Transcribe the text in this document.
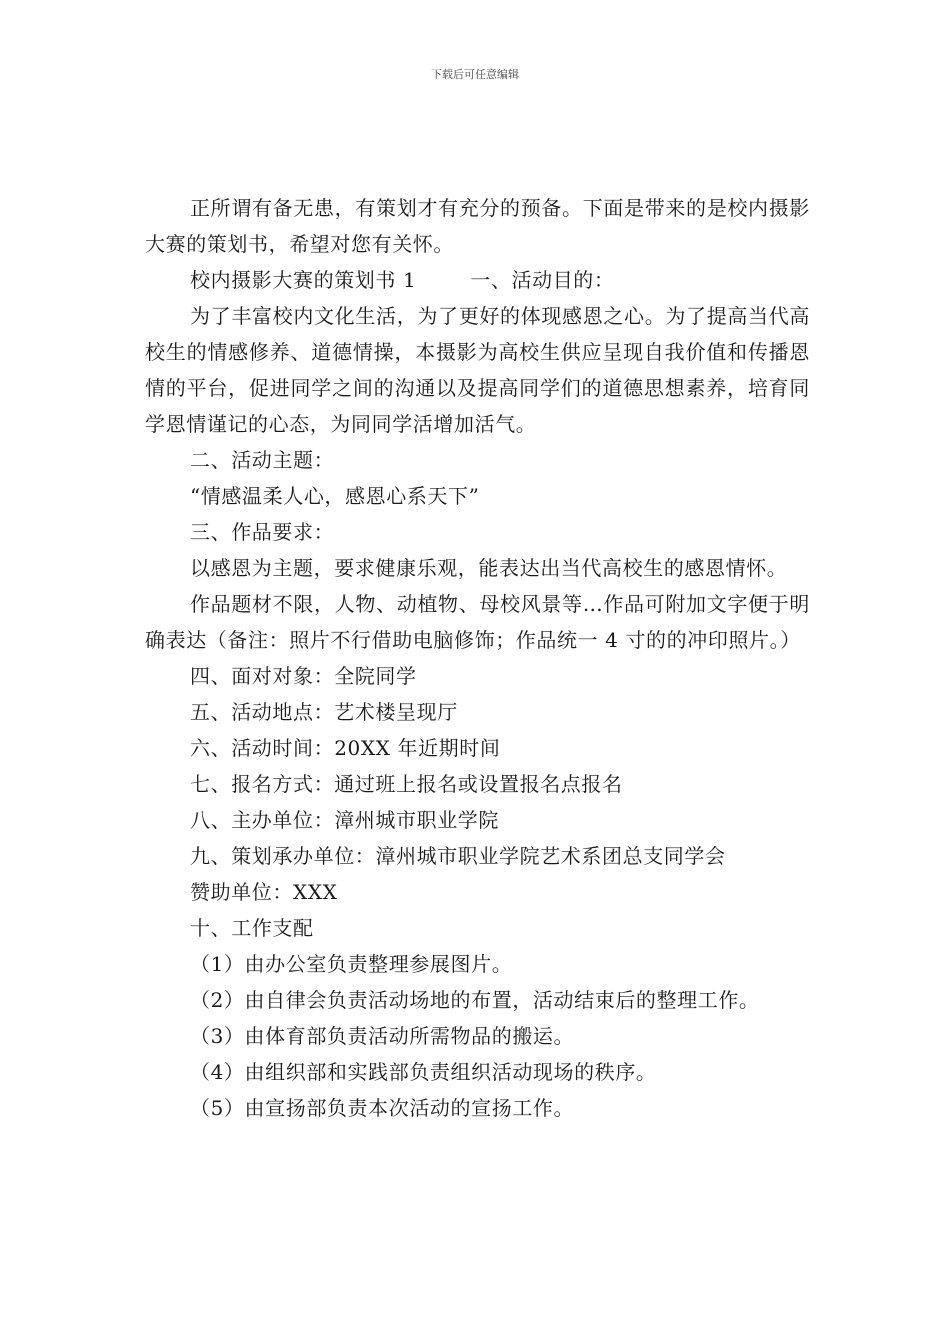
下载后可任意编辑

正所谓有备无患，有策划才有充分的预备。下面是带来的是校内摄影大赛的策划书，希望对您有关怀。

校内摄影大赛的策划书 1	一、活动目的：

为了丰富校内文化生活，为了更好的体现感恩之心。为了提高当代高校生的情感修养、道德情操，本摄影为高校生供应呈现自我价值和传播恩情的平台，促进同学之间的沟通以及提高同学们的道德思想素养，培育同学恩情谨记的心态，为同同学活增加活气。

二、活动主题：

“情感温柔人心，感恩心系天下”

三、作品要求：

以感恩为主题，要求健康乐观，能表达出当代高校生的感恩情怀。

作品题材不限，人物、动植物、母校风景等…作品可附加文字便于明确表达（备注：照片不行借助电脑修饰；作品统一 4 寸的的冲印照片。）

四、面对对象：全院同学

五、活动地点：艺术楼呈现厅

六、活动时间：20XX 年近期时间

七、报名方式：通过班上报名或设置报名点报名

八、主办单位：漳州城市职业学院

九、策划承办单位：漳州城市职业学院艺术系团总支同学会

赞助单位：XXX

十、工作支配

（1）由办公室负责整理参展图片。

（2）由自律会负责活动场地的布置，活动结束后的整理工作。

（3）由体育部负责活动所需物品的搬运。

（4）由组织部和实践部负责组织活动现场的秩序。

（5）由宣扬部负责本次活动的宣扬工作。
